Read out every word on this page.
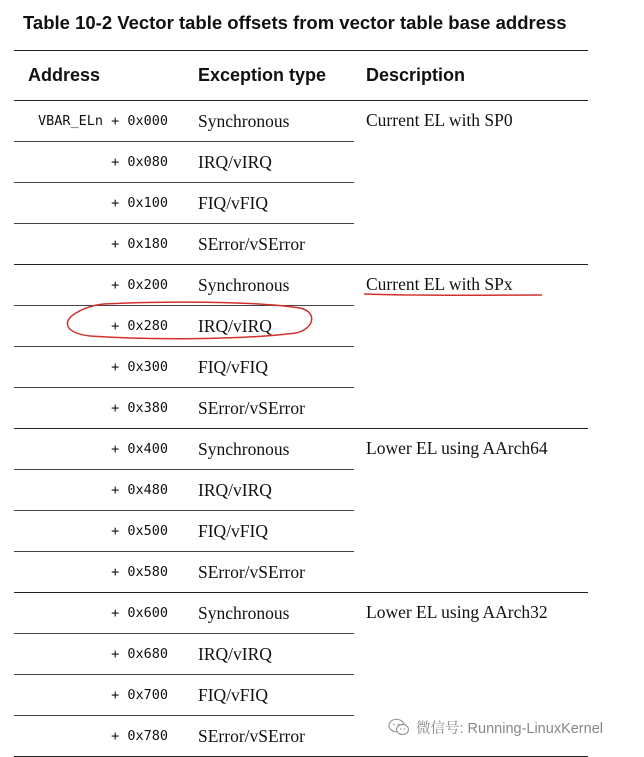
Table 10-2 Vector table offsets from vector table base address
Address	Exception type	Description
VBAR_ELn + 0x000	Synchronous	Current EL with SP0
+ 0x080	IRQ/vIRQ	
+ 0x100	FIQ/vFIQ	
+ 0x180	SError/vSError	
+ 0x200	Synchronous	Current EL with SPx
+ 0x280	IRQ/vIRQ	
+ 0x300	FIQ/vFIQ	
+ 0x380	SError/vSError	
+ 0x400	Synchronous	Lower EL using AArch64
+ 0x480	IRQ/vIRQ	
+ 0x500	FIQ/vFIQ	
+ 0x580	SError/vSError	
+ 0x600	Synchronous	Lower EL using AArch32
+ 0x680	IRQ/vIRQ	
+ 0x700	FIQ/vFIQ	
+ 0x780	SError/vSError		微信号: Running-LinuxKernel
